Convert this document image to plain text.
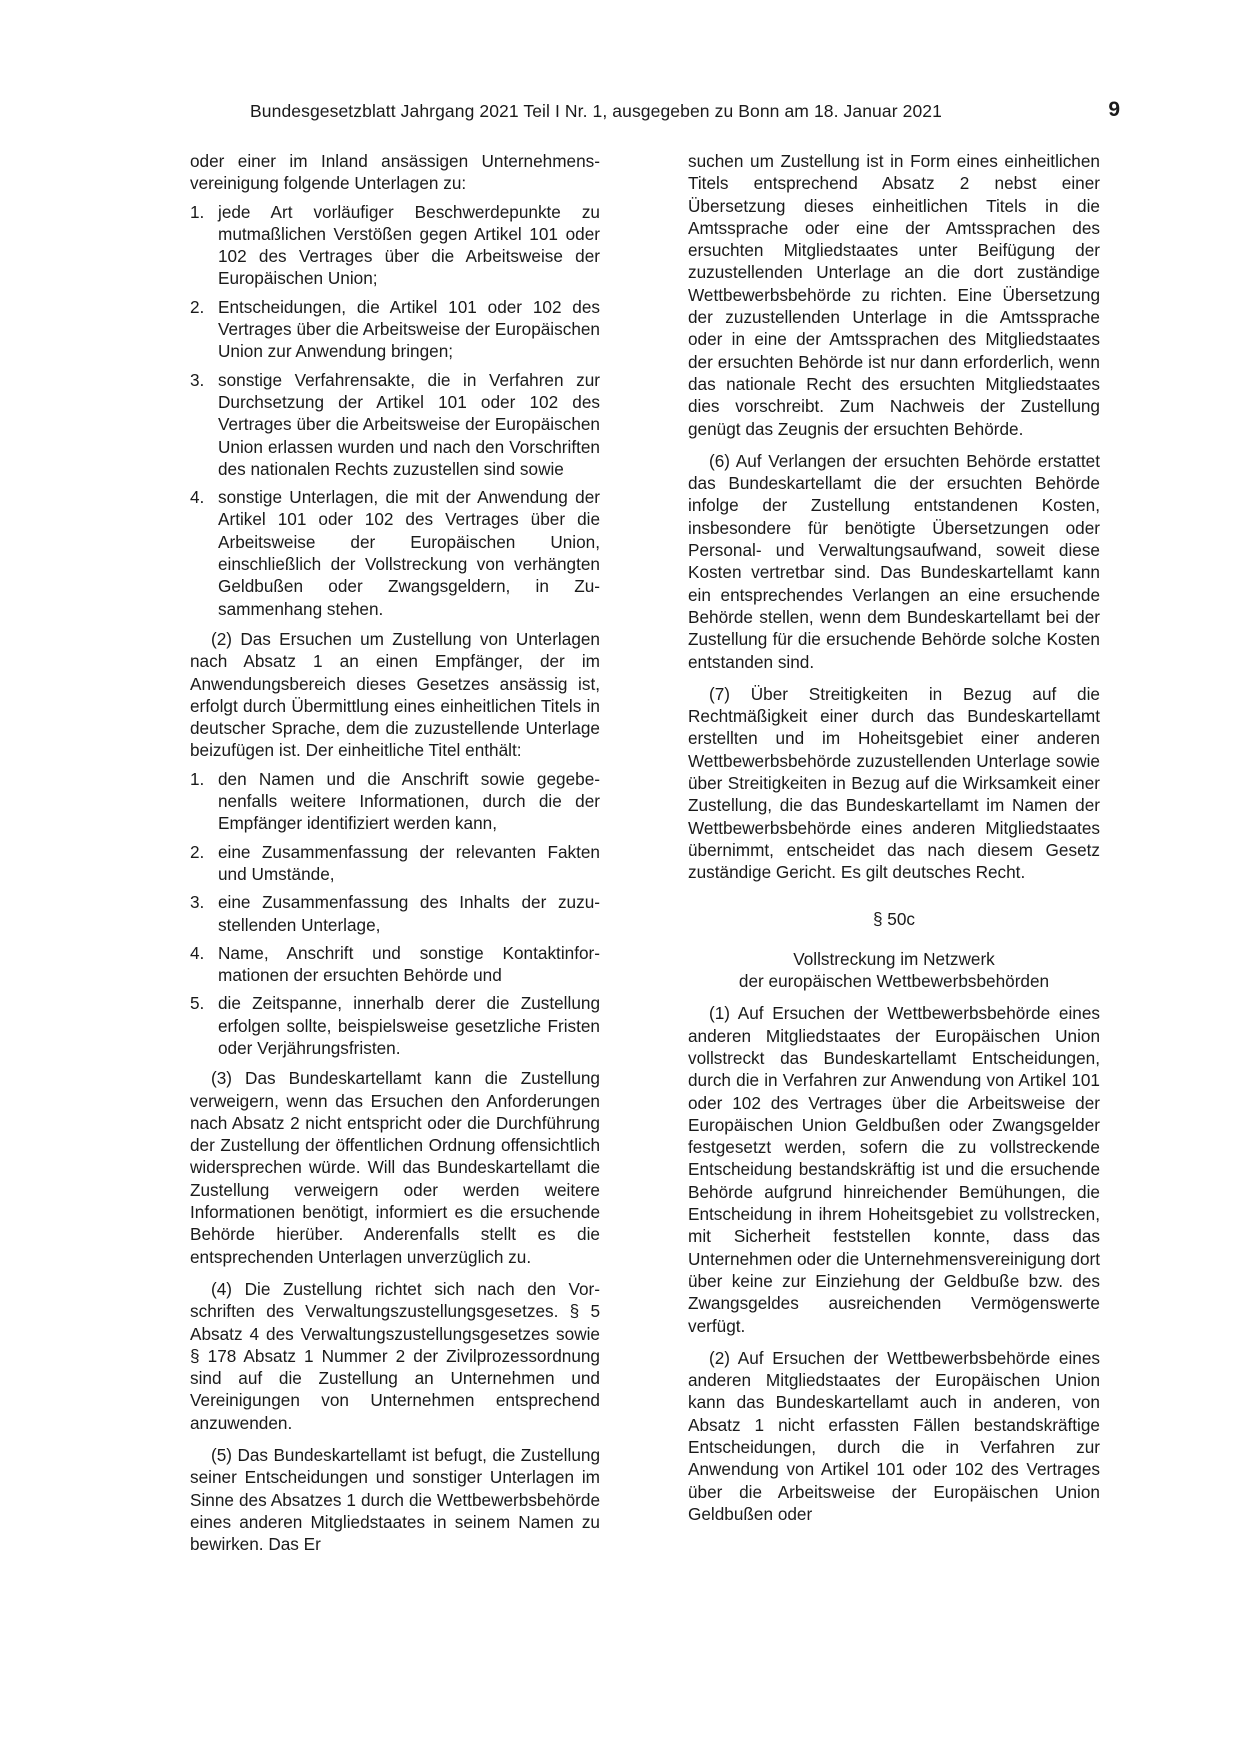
Bundesgesetzblatt Jahrgang 2021 Teil I Nr. 1, ausgegeben zu Bonn am 18. Januar 2021	9

oder einer im Inland ansässigen Unternehmensvereinigung folgende Unterlagen zu:

1. jede Art vorläufiger Beschwerdepunkte zu mutmaßlichen Verstößen gegen Artikel 101 oder 102 des Vertrages über die Arbeitsweise der Europäischen Union;
2. Entscheidungen, die Artikel 101 oder 102 des Vertrages über die Arbeitsweise der Europäischen Union zur Anwendung bringen;
3. sonstige Verfahrensakte, die in Verfahren zur Durchsetzung der Artikel 101 oder 102 des Vertrages über die Arbeitsweise der Europäischen Union erlassen wurden und nach den Vorschriften des nationalen Rechts zuzustellen sind sowie
4. sonstige Unterlagen, die mit der Anwendung der Artikel 101 oder 102 des Vertrages über die Arbeitsweise der Europäischen Union, einschließlich der Vollstreckung von verhängten Geldbußen oder Zwangsgeldern, in Zusammenhang stehen.

(2) Das Ersuchen um Zustellung von Unterlagen nach Absatz 1 an einen Empfänger, der im Anwendungsbereich dieses Gesetzes ansässig ist, erfolgt durch Übermittlung eines einheitlichen Titels in deutscher Sprache, dem die zuzustellende Unterlage beizufügen ist. Der einheitliche Titel enthält:

1. den Namen und die Anschrift sowie gegebenenfalls weitere Informationen, durch die der Empfänger identifiziert werden kann,
2. eine Zusammenfassung der relevanten Fakten und Umstände,
3. eine Zusammenfassung des Inhalts der zuzustellenden Unterlage,
4. Name, Anschrift und sonstige Kontaktinformationen der ersuchten Behörde und
5. die Zeitspanne, innerhalb derer die Zustellung erfolgen sollte, beispielsweise gesetzliche Fristen oder Verjährungsfristen.

(3) Das Bundeskartellamt kann die Zustellung verweigern, wenn das Ersuchen den Anforderungen nach Absatz 2 nicht entspricht oder die Durchführung der Zustellung der öffentlichen Ordnung offensichtlich widersprechen würde. Will das Bundeskartellamt die Zustellung verweigern oder werden weitere Informationen benötigt, informiert es die ersuchende Behörde hierüber. Anderenfalls stellt es die entsprechenden Unterlagen unverzüglich zu.

(4) Die Zustellung richtet sich nach den Vorschriften des Verwaltungszustellungsgesetzes. § 5 Absatz 4 des Verwaltungszustellungsgesetzes sowie § 178 Absatz 1 Nummer 2 der Zivilprozessordnung sind auf die Zustellung an Unternehmen und Vereinigungen von Unternehmen entsprechend anzuwenden.

(5) Das Bundeskartellamt ist befugt, die Zustellung seiner Entscheidungen und sonstiger Unterlagen im Sinne des Absatzes 1 durch die Wettbewerbsbehörde eines anderen Mitgliedstaates in seinem Namen zu bewirken. Das Er

suchen um Zustellung ist in Form eines einheitlichen Titels entsprechend Absatz 2 nebst einer Übersetzung dieses einheitlichen Titels in die Amtssprache oder eine der Amtssprachen des ersuchten Mitgliedstaates unter Beifügung der zuzustellenden Unterlage an die dort zuständige Wettbewerbsbehörde zu richten. Eine Übersetzung der zuzustellenden Unterlage in die Amtssprache oder in eine der Amtssprachen des Mitgliedstaates der ersuchten Behörde ist nur dann erforderlich, wenn das nationale Recht des ersuchten Mitgliedstaates dies vorschreibt. Zum Nachweis der Zustellung genügt das Zeugnis der ersuchten Behörde.

(6) Auf Verlangen der ersuchten Behörde erstattet das Bundeskartellamt die der ersuchten Behörde infolge der Zustellung entstandenen Kosten, insbesondere für benötigte Übersetzungen oder Personal- und Verwaltungsaufwand, soweit diese Kosten vertretbar sind. Das Bundeskartellamt kann ein entsprechendes Verlangen an eine ersuchende Behörde stellen, wenn dem Bundeskartellamt bei der Zustellung für die ersuchende Behörde solche Kosten entstanden sind.

(7) Über Streitigkeiten in Bezug auf die Rechtmäßigkeit einer durch das Bundeskartellamt erstellten und im Hoheitsgebiet einer anderen Wettbewerbsbehörde zuzustellenden Unterlage sowie über Streitigkeiten in Bezug auf die Wirksamkeit einer Zustellung, die das Bundeskartellamt im Namen der Wettbewerbsbehörde eines anderen Mitgliedstaates übernimmt, entscheidet das nach diesem Gesetz zuständige Gericht. Es gilt deutsches Recht.

§ 50c

Vollstreckung im Netzwerk
der europäischen Wettbewerbsbehörden

(1) Auf Ersuchen der Wettbewerbsbehörde eines anderen Mitgliedstaates der Europäischen Union vollstreckt das Bundeskartellamt Entscheidungen, durch die in Verfahren zur Anwendung von Artikel 101 oder 102 des Vertrages über die Arbeitsweise der Europäischen Union Geldbußen oder Zwangsgelder festgesetzt werden, sofern die zu vollstreckende Entscheidung bestandskräftig ist und die ersuchende Behörde aufgrund hinreichender Bemühungen, die Entscheidung in ihrem Hoheitsgebiet zu vollstrecken, mit Sicherheit feststellen konnte, dass das Unternehmen oder die Unternehmensvereinigung dort über keine zur Einziehung der Geldbuße bzw. des Zwangsgeldes ausreichenden Vermögenswerte verfügt.

(2) Auf Ersuchen der Wettbewerbsbehörde eines anderen Mitgliedstaates der Europäischen Union kann das Bundeskartellamt auch in anderen, von Absatz 1 nicht erfassten Fällen bestandskräftige Entscheidungen, durch die in Verfahren zur Anwendung von Artikel 101 oder 102 des Vertrages über die Arbeitsweise der Europäischen Union Geldbußen oder
